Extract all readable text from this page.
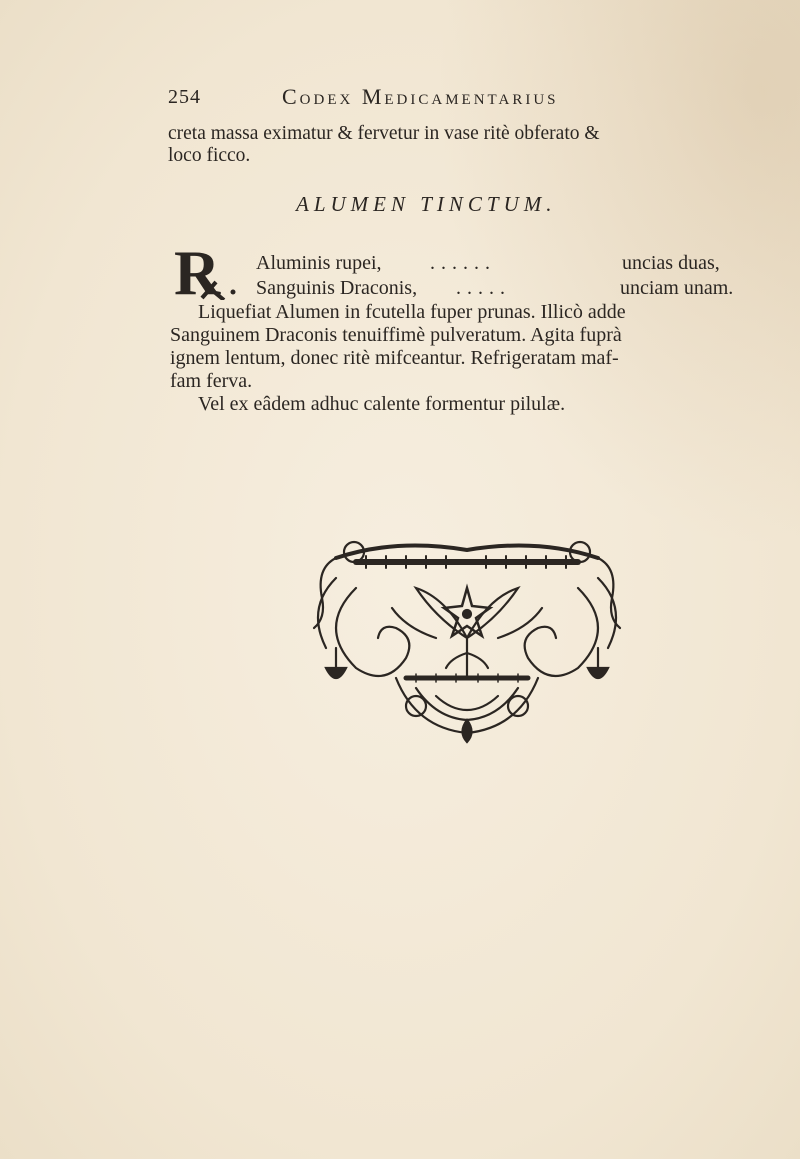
254	Codex Medicamentarius
creta massa eximatur & fervetur in vase ritè obferato &
loco ficco.
ALUMEN TINCTUM.
R Aluminis rupei, ......	uncias duas,
Sanguinis Draconis, .....	unciam unam.
Liquefiat Alumen in fcutella fuper prunas. Illicò adde
Sanguinem Draconis tenuiffimè pulveratum. Agita fuprà
ignem lentum, donec ritè mifceantur. Refrigeratam maf-
fam ferva.
Vel ex eâdem adhuc calente formentur pilulæ.
